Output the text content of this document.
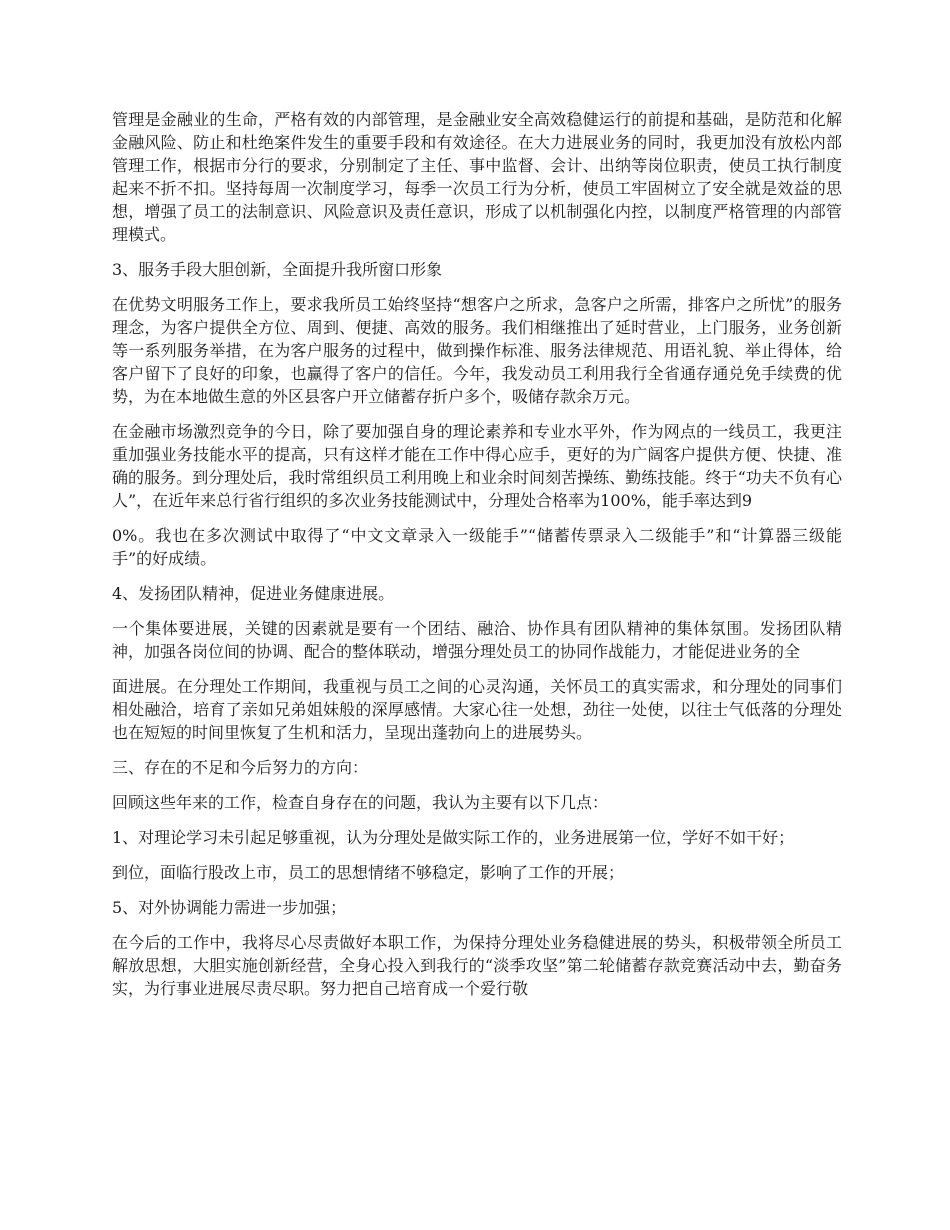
管理是金融业的生命，严格有效的内部管理，是金融业安全高效稳健运行的前提和基础，是防范和化解金融风险、防止和杜绝案件发生的重要手段和有效途径。在大力进展业务的同时，我更加没有放松内部管理工作，根据市分行的要求，分别制定了主任、事中监督、会计、出纳等岗位职责，使员工执行制度起来不折不扣。坚持每周一次制度学习，每季一次员工行为分析，使员工牢固树立了安全就是效益的思想，增强了员工的法制意识、风险意识及责任意识，形成了以机制强化内控，以制度严格管理的内部管理模式。

3、服务手段大胆创新，全面提升我所窗口形象

在优势文明服务工作上，要求我所员工始终坚持“想客户之所求，急客户之所需，排客户之所忧”的服务理念，为客户提供全方位、周到、便捷、高效的服务。我们相继推出了延时营业，上门服务，业务创新等一系列服务举措，在为客户服务的过程中，做到操作标准、服务法律规范、用语礼貌、举止得体，给客户留下了良好的印象，也赢得了客户的信任。今年，我发动员工利用我行全省通存通兑免手续费的优势，为在本地做生意的外区县客户开立储蓄存折户多个，吸储存款余万元。

在金融市场激烈竞争的今日，除了要加强自身的理论素养和专业水平外，作为网点的一线员工，我更注重加强业务技能水平的提高，只有这样才能在工作中得心应手，更好的为广阔客户提供方便、快捷、准确的服务。到分理处后，我时常组织员工利用晚上和业余时间刻苦操练、勤练技能。终于“功夫不负有心人”，在近年来总行省行组织的多次业务技能测试中，分理处合格率为100%，能手率达到9

0%。我也在多次测试中取得了“中文文章录入一级能手”“储蓄传票录入二级能手”和“计算器三级能手”的好成绩。

4、发扬团队精神，促进业务健康进展。

一个集体要进展，关键的因素就是要有一个团结、融洽、协作具有团队精神的集体氛围。发扬团队精神，加强各岗位间的协调、配合的整体联动，增强分理处员工的协同作战能力，才能促进业务的全

面进展。在分理处工作期间，我重视与员工之间的心灵沟通，关怀员工的真实需求，和分理处的同事们相处融洽，培育了亲如兄弟姐妹般的深厚感情。大家心往一处想，劲往一处使，以往士气低落的分理处也在短短的时间里恢复了生机和活力，呈现出蓬勃向上的进展势头。

三、存在的不足和今后努力的方向：

回顾这些年来的工作，检查自身存在的问题，我认为主要有以下几点：

1、对理论学习未引起足够重视，认为分理处是做实际工作的，业务进展第一位，学好不如干好；

到位，面临行股改上市，员工的思想情绪不够稳定，影响了工作的开展；

5、对外协调能力需进一步加强；

在今后的工作中，我将尽心尽责做好本职工作，为保持分理处业务稳健进展的势头，积极带领全所员工解放思想，大胆实施创新经营，全身心投入到我行的“淡季攻坚”第二轮储蓄存款竞赛活动中去，勤奋务实，为行事业进展尽责尽职。努力把自己培育成一个爱行敬
